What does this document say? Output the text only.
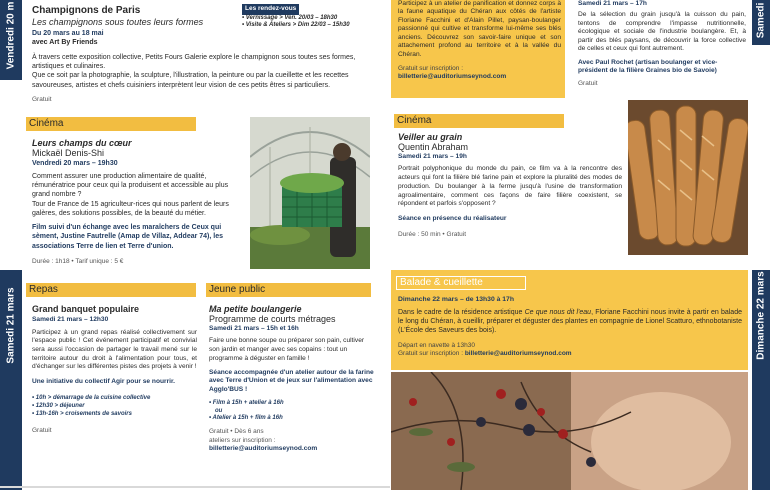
Vendredi 20 m
Samedi 21 mars
Samedi
Dimanche 22 mars
Champignons de Paris
Les champignons sous toutes leurs formes
Du 20 mars au 18 mai
avec Art By Friends
Les rendez-vous
• Vernissage > Ven. 20/03 – 18h30
• Visite & Ateliers > Dim 22/03 – 15h30
À travers cette exposition collective, Petits Fours Galerie explore le champignon sous toutes ses formes, artistiques et culinaires.
Que ce soit par la photographie, la sculpture, l'illustration, la peinture ou par la cueillette et les recettes savoureuses, artistes et chefs cuisiniers interprètent leur vision de ces petits êtres si particuliers.
Gratuit
Participez à un atelier de panification et donnez corps à la faune aquatique du Chéran aux côtés de l'artiste Floriane Facchini et d'Alain Pillet, paysan-boulanger passionné qui cultive et transforme lui-même ses blés anciens. Découvrez son savoir-faire unique et son attachement profond au territoire et à la vallée du Chéran.
Gratuit sur inscription :
billetterie@auditoriumseynod.com
Samedi 21 mars – 17h
De la sélection du grain jusqu'à la cuisson du pain, tentons de comprendre l'impasse nutritionnelle, écologique et sociale de l'industrie boulangère. Et, à partir des blés paysans, de découvrir la force collective de celles et ceux qui font autrement.
Avec Paul Rochet (artisan boulanger et vice-président de la filière Graines bio de Savoie)
Gratuit
Cinéma
Leurs champs du cœur
Mickaël Denis-Shi
Vendredi 20 mars – 19h30
Comment assurer une production alimentaire de qualité, rémunératrice pour ceux qui la produisent et accessible au plus grand nombre ?
Tour de France de 15 agriculteur-rices qui nous parlent de leurs galères, des solutions possibles, de la beauté du métier.
Film suivi d'un échange avec les maraîchers de Ceux qui sèment, Justine Fautrelle (Amap de Villaz, Addear 74), les associations Terre de lien et Terre d'union.
Durée : 1h18 • Tarif unique : 5 €
Cinéma
Veiller au grain
Quentin Abraham
Samedi 21 mars – 19h
Portrait polyphonique du monde du pain, ce film va à la rencontre des acteurs qui font la filière blé farine pain et explore la pluralité des modes de production. Du boulanger à la ferme jusqu'à l'usine de transformation agroalimentaire, comment ces façons de faire filière coexistent, se répondent et parfois s'opposent ?
Séance en présence du réalisateur
Durée : 50 min • Gratuit
Repas
Grand banquet populaire
Samedi 21 mars – 12h30
Participez à un grand repas réalisé collectivement sur l'espace public ! Cet événement participatif et convivial sera aussi l'occasion de partager le travail mené sur le territoire autour du droit à l'alimentation pour tous, et d'échanger sur les différentes pistes des projets à venir !
Une initiative du collectif Agir pour se nourrir.
• 10h > démarrage de la cuisine collective
• 12h30 > déjeuner
• 13h-16h > croisements de savoirs
Gratuit
Jeune public
Ma petite boulangerie
Programme de courts métrages
Samedi 21 mars – 15h et 16h
Faire une bonne soupe ou préparer son pain, cultiver son jardin et manger avec ses copains : tout un programme à déguster en famille !
Séance accompagnée d'un atelier autour de la farine avec Terre d'Union et de jeux sur l'alimentation avec Agglo'BUS !
• Film à 15h + atelier à 16h
ou
• Atelier à 15h + film à 16h
Gratuit • Dès 6 ans
ateliers sur inscription :
billetterie@auditoriumseynod.com
Balade & cueillette
Dimanche 22 mars – de 13h30 à 17h
Dans le cadre de la résidence artistique Ce que nous dit l'eau, Floriane Facchini nous invite à partir en balade le long du Chéran, à cueillir, préparer et déguster des plantes en compagnie de Lionel Scatturo, ethnobotaniste (L'École des Saveurs des bois).
Départ en navette à 13h30
Gratuit sur inscription : billetterie@auditoriumseynod.com
